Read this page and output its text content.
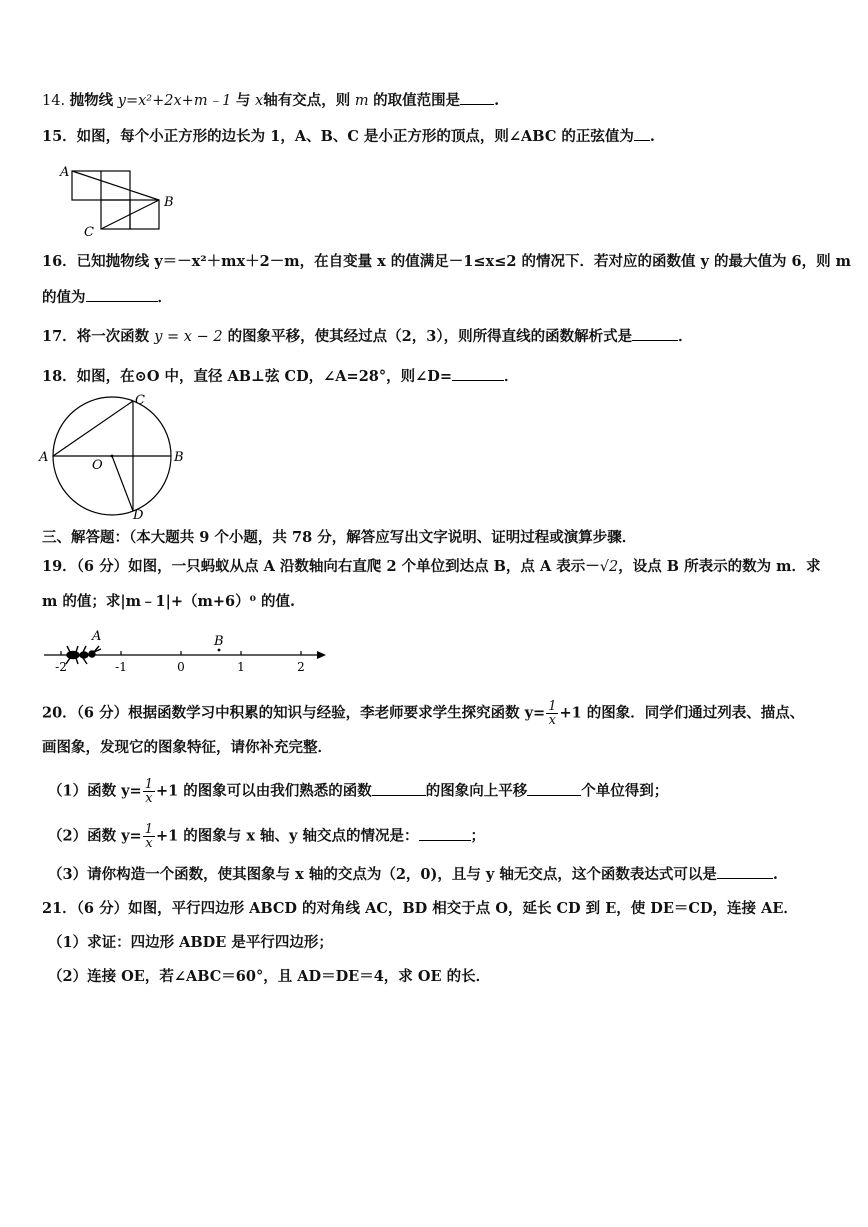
14. 抛物线 y=x²+2x+m﹣1 与 x轴有交点，则 m 的取值范围是 .
15．如图，每个小正方形的边长为 1，A、B、C 是小正方形的顶点，则∠ABC 的正弦值为 .
A
B
C
16．已知抛物线 y＝－x²＋mx＋2－m，在自变量 x 的值满足－1≤x≤2 的情况下．若对应的函数值 y 的最大值为 6，则 m
的值为	．
17．将一次函数 y = x − 2 的图象平移，使其经过点（2，3），则所得直线的函数解析式是	．
18．如图，在⊙O 中，直径 AB⊥弦 CD，∠A=28°，则∠D=	．
A	B
C
D
O
三、解答题：（本大题共 9 个小题，共 78 分，解答应写出文字说明、证明过程或演算步骤．
19．（6 分）如图，一只蚂蚁从点 A 沿数轴向右直爬 2 个单位到达点 B，点 A 表示－√2，设点 B 所表示的数为 m．求
m 的值；求|m﹣1|+（m+6）⁰ 的值.
-2	-1	0	1	2
A	B
20．（6 分）根据函数学习中积累的知识与经验，李老师要求学生探究函数 $y= \frac{1}{x} +1$ 的图象．同学们通过列表、描点、
画图象，发现它的图象特征，请你补充完整．
（1）函数 $y= \frac{1}{x} +1$ 的图象可以由我们熟悉的函数	的图象向上平移	个单位得到；
（2）函数 $y= \frac{1}{x} +1$ 的图象与 x 轴、y 轴交点的情况是：	；
（3）请你构造一个函数，使其图象与 x 轴的交点为（2，0)，且与 y 轴无交点，这个函数表达式可以是	.
21．（6 分）如图，平行四边形 ABCD 的对角线 AC，BD 相交于点 O，延长 CD 到 E，使 DE＝CD，连接 AE．
（1）求证：四边形 ABDE 是平行四边形；
（2）连接 OE，若∠ABC＝60°，且 AD＝DE＝4，求 OE 的长．
